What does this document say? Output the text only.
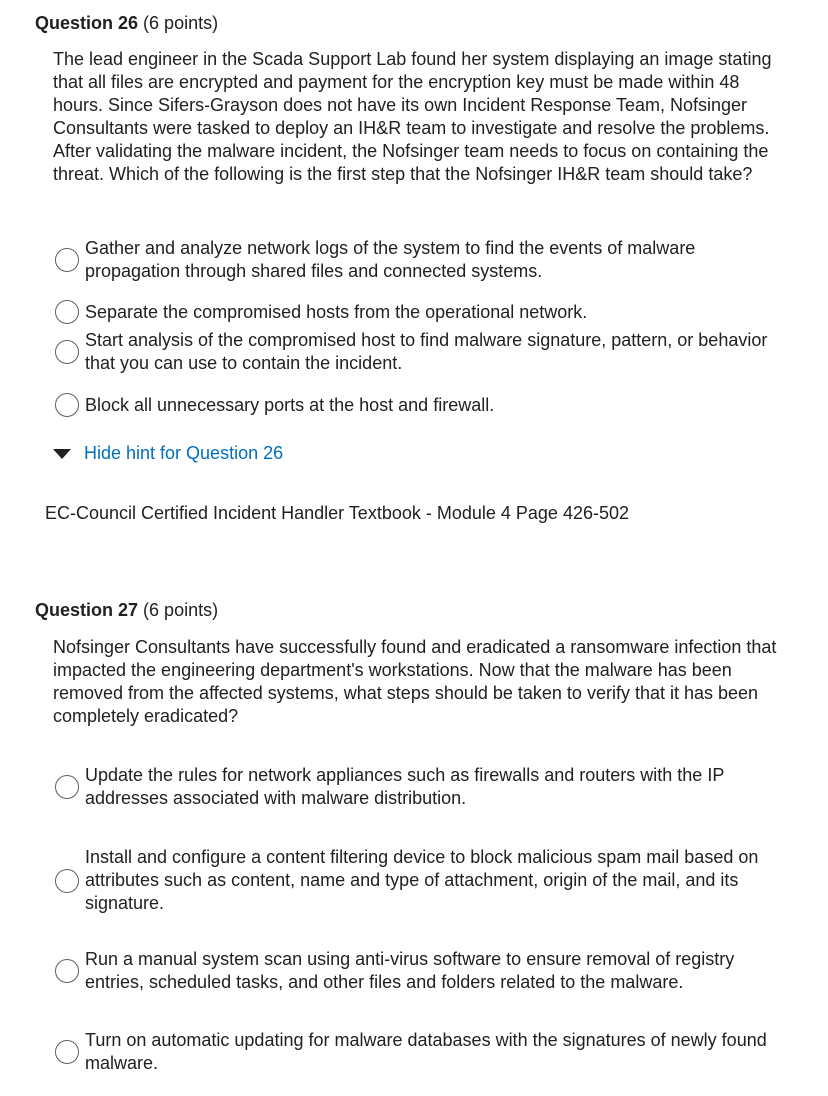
Question 26 (6 points)
The lead engineer in the Scada Support Lab found her system displaying an image stating that all files are encrypted and payment for the encryption key must be made within 48 hours. Since Sifers-Grayson does not have its own Incident Response Team, Nofsinger Consultants were tasked to deploy an IH&R team to investigate and resolve the problems. After validating the malware incident, the Nofsinger team needs to focus on containing the threat. Which of the following is the first step that the Nofsinger IH&R team should take?
Gather and analyze network logs of the system to find the events of malware propagation through shared files and connected systems.
Separate the compromised hosts from the operational network.
Start analysis of the compromised host to find malware signature, pattern, or behavior that you can use to contain the incident.
Block all unnecessary ports at the host and firewall.
Hide hint for Question 26
EC-Council Certified Incident Handler Textbook - Module 4 Page 426-502
Question 27 (6 points)
Nofsinger Consultants have successfully found and eradicated a ransomware infection that impacted the engineering department's workstations. Now that the malware has been removed from the affected systems, what steps should be taken to verify that it has been completely eradicated?
Update the rules for network appliances such as firewalls and routers with the IP addresses associated with malware distribution.
Install and configure a content filtering device to block malicious spam mail based on attributes such as content, name and type of attachment, origin of the mail, and its signature.
Run a manual system scan using anti-virus software to ensure removal of registry entries, scheduled tasks, and other files and folders related to the malware.
Turn on automatic updating for malware databases with the signatures of newly found malware.
